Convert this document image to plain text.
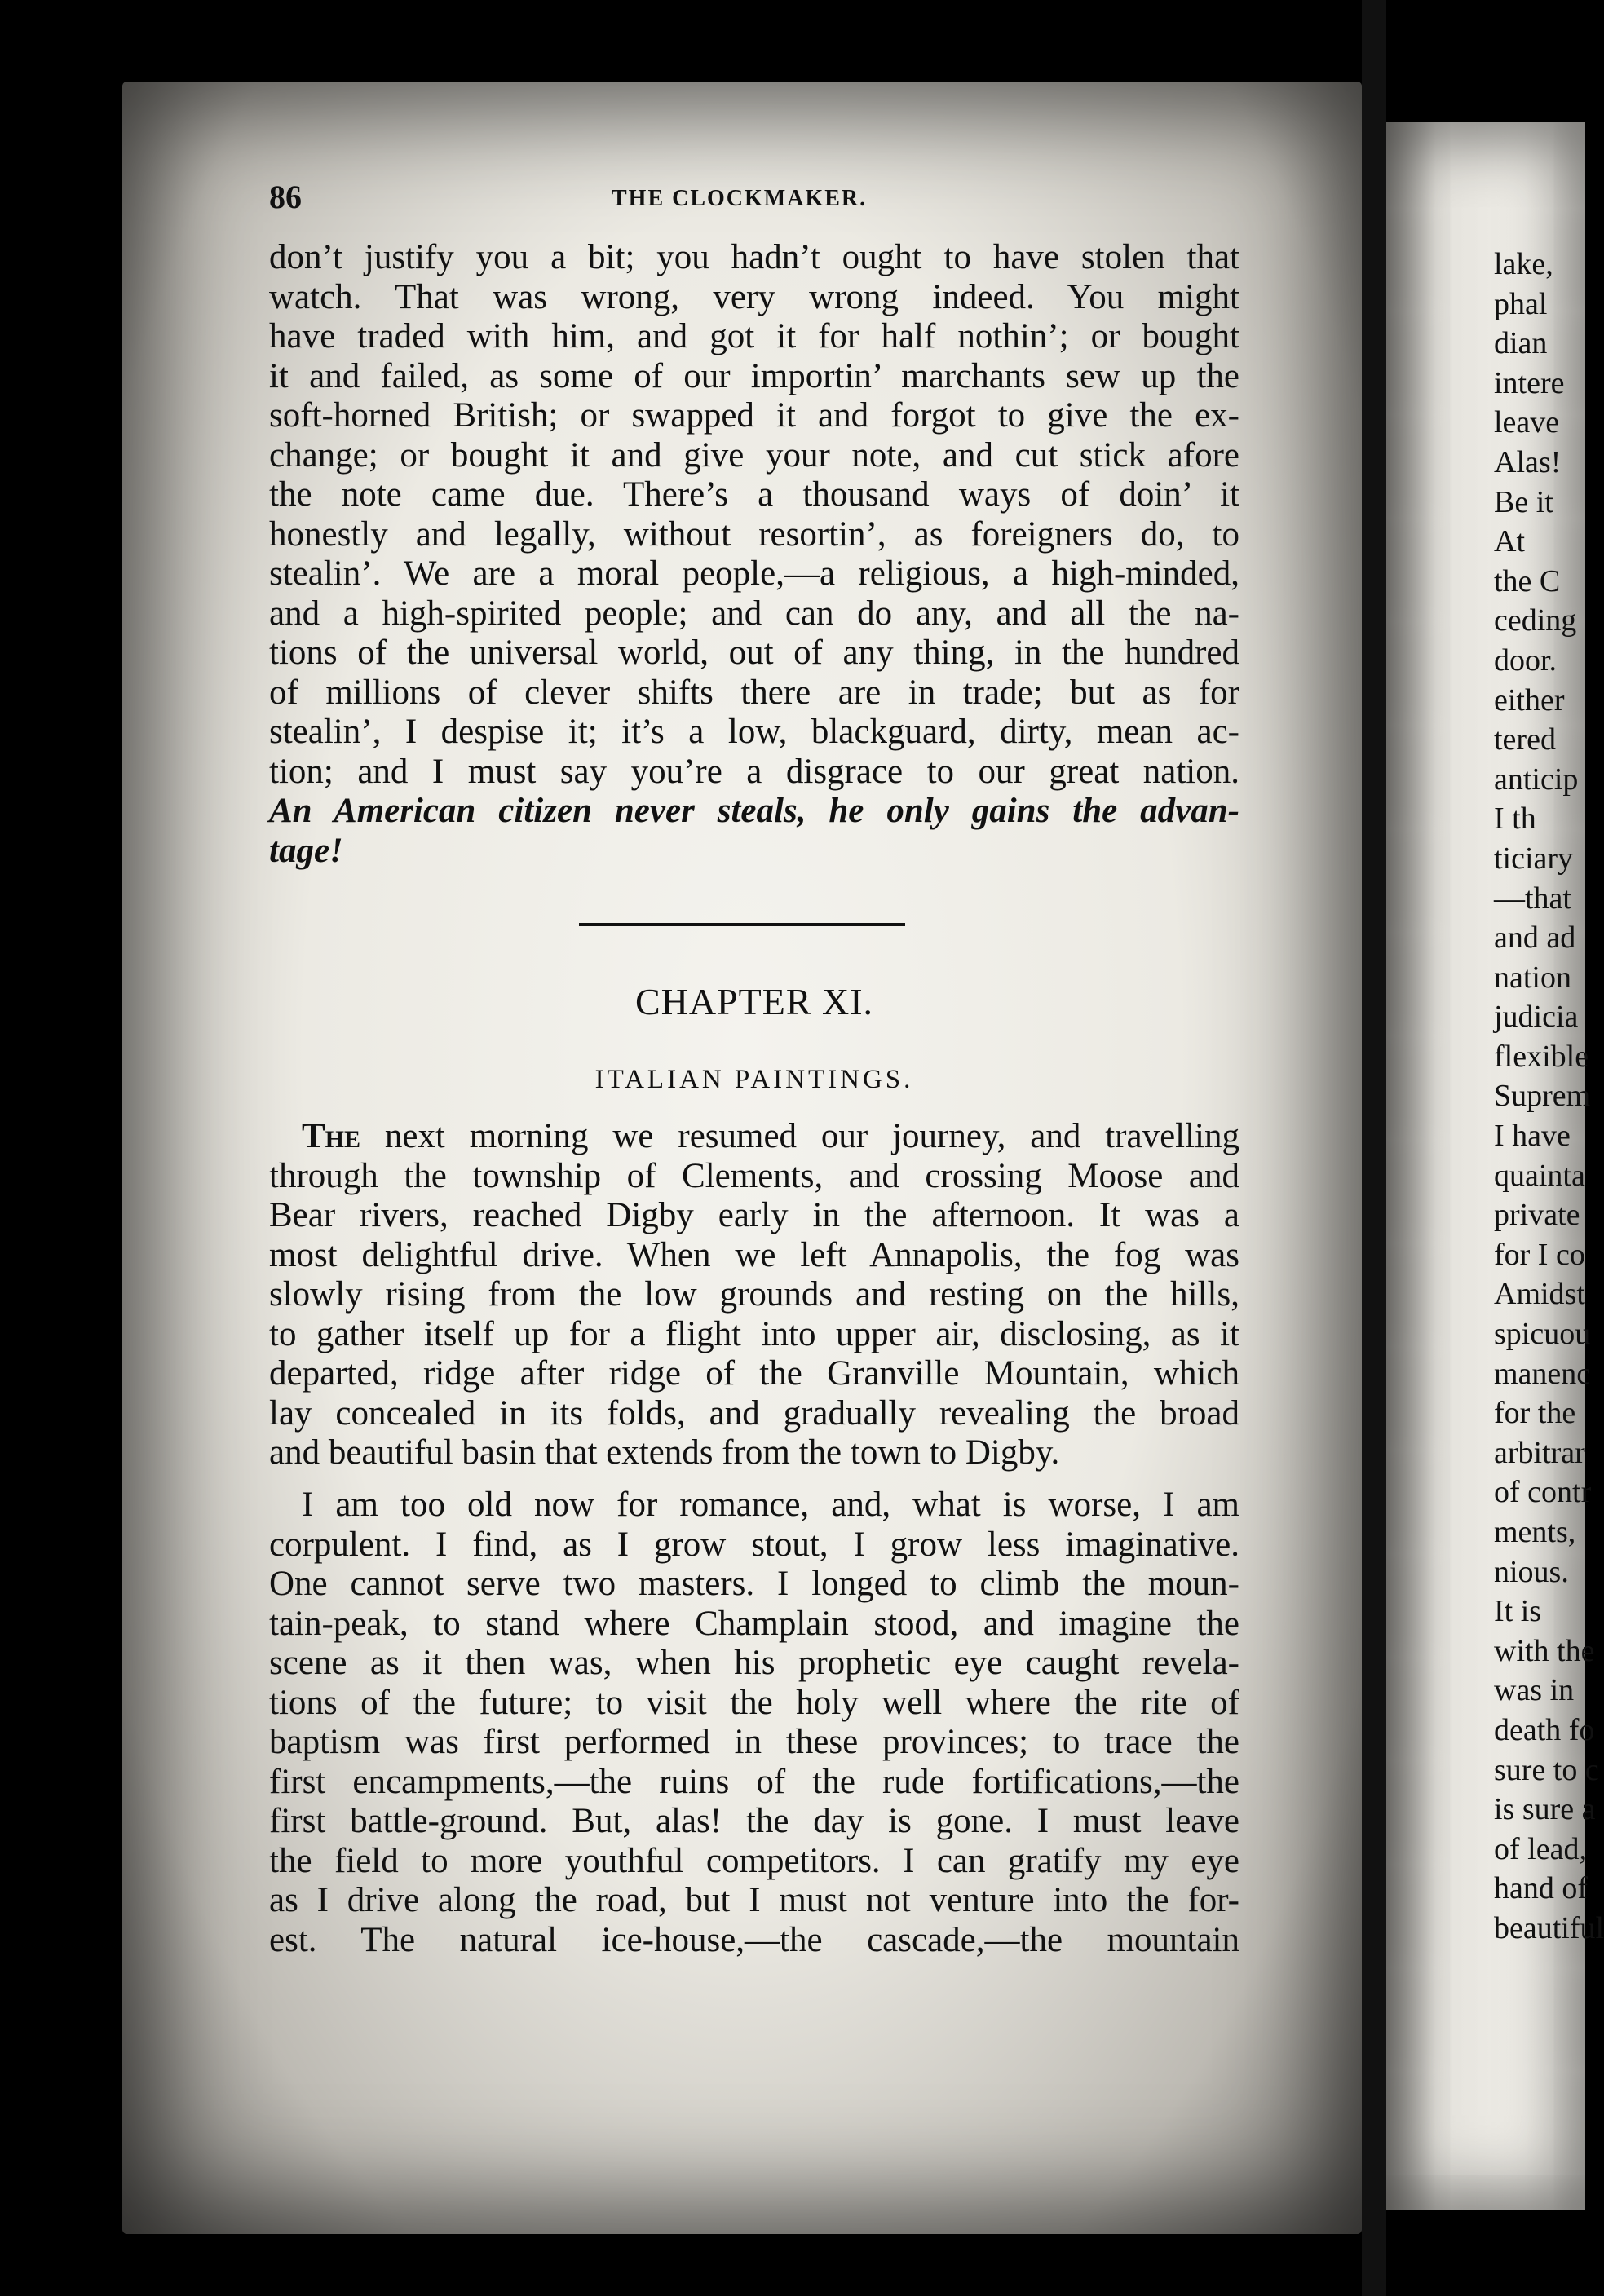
86	THE CLOCKMAKER.
don’t justify you a bit; you hadn’t ought to have stolen that
watch. That was wrong, very wrong indeed. You might
have traded with him, and got it for half nothin’; or bought
it and failed, as some of our importin’ marchants sew up the
soft-horned British; or swapped it and forgot to give the ex-
change; or bought it and give your note, and cut stick afore
the note came due. There’s a thousand ways of doin’ it
honestly and legally, without resortin’, as foreigners do, to
stealin’. We are a moral people,—a religious, a high-minded,
and a high-spirited people; and can do any, and all the na-
tions of the universal world, out of any thing, in the hundred
of millions of clever shifts there are in trade; but as for
stealin’, I despise it; it’s a low, blackguard, dirty, mean ac-
tion; and I must say you’re a disgrace to our great nation.
An American citizen never steals, he only gains the advan-
tage!
CHAPTER XI.
ITALIAN PAINTINGS.
The next morning we resumed our journey, and travelling
through the township of Clements, and crossing Moose and
Bear rivers, reached Digby early in the afternoon. It was a
most delightful drive. When we left Annapolis, the fog was
slowly rising from the low grounds and resting on the hills,
to gather itself up for a flight into upper air, disclosing, as it
departed, ridge after ridge of the Granville Mountain, which
lay concealed in its folds, and gradually revealing the broad
and beautiful basin that extends from the town to Digby.
I am too old now for romance, and, what is worse, I am
corpulent. I find, as I grow stout, I grow less imaginative.
One cannot serve two masters. I longed to climb the moun-
tain-peak, to stand where Champlain stood, and imagine the
scene as it then was, when his prophetic eye caught revela-
tions of the future; to visit the holy well where the rite of
baptism was first performed in these provinces; to trace the
first encampments,—the ruins of the rude fortifications,—the
first battle-ground. But, alas! the day is gone. I must leave
the field to more youthful competitors. I can gratify my eye
as I drive along the road, but I must not venture into the for-
est. The natural ice-house,—the cascade,—the mountain
lake,
phal
dian
intere
leave
Alas!
Be it
At
the C
ceding
door.
either
tered
anticip
I th
ticiary
—that
and ad
nation
judicia
flexible
Suprem
I have
quainta
private
for I co
Amidst
spicuou
manenc
for the
arbitrar
of contr
ments,
nious.
It is
with the
was in
death fo
sure to c
is sure a
of lead,
hand of
beautiful
